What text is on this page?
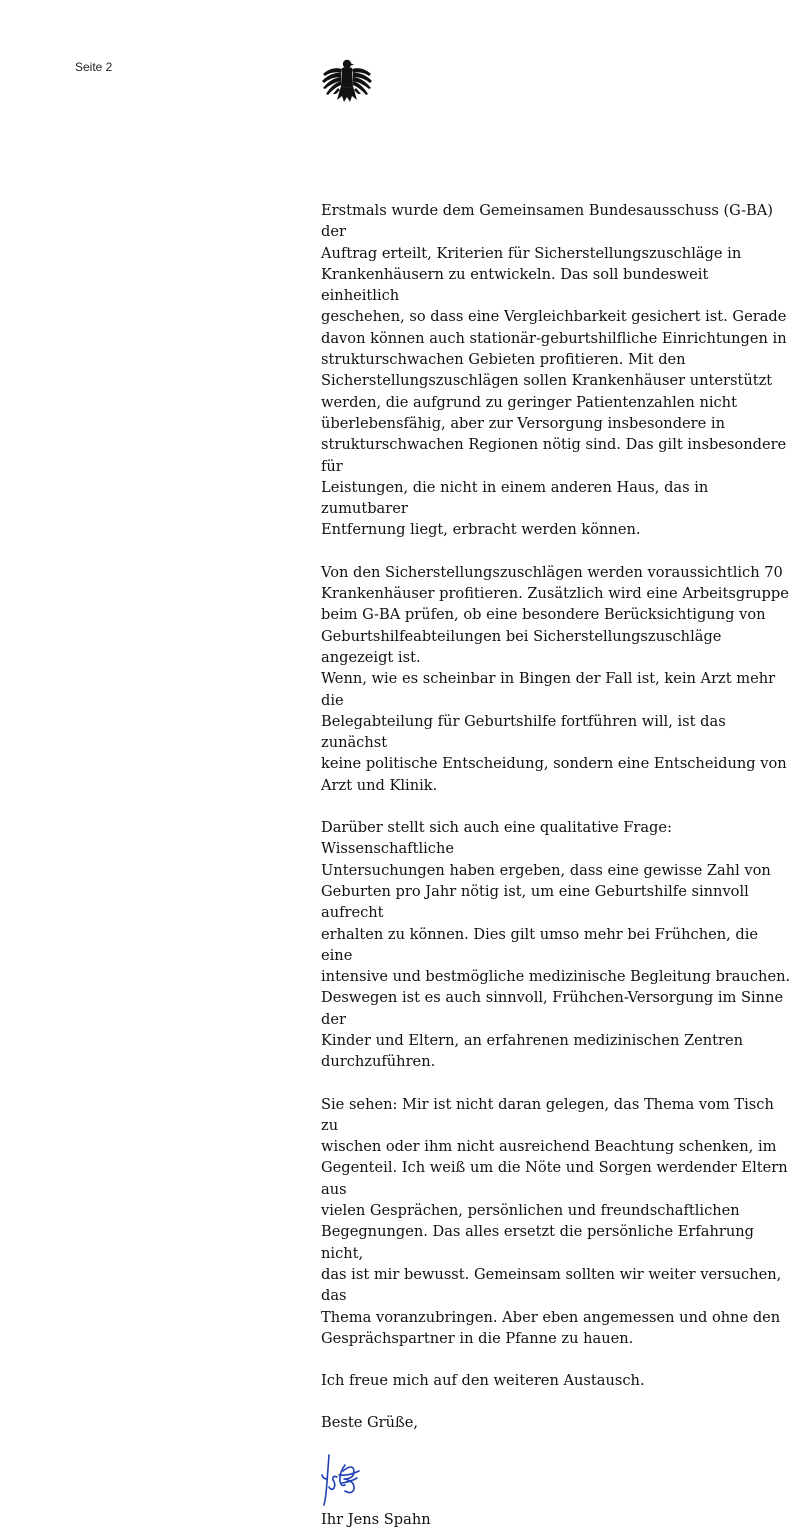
Seite 2

Erstmals wurde dem Gemeinsamen Bundesausschuss (G-BA) der
Auftrag erteilt, Kriterien für Sicherstellungszuschläge in
Krankenhäusern zu entwickeln. Das soll bundesweit einheitlich
geschehen, so dass eine Vergleichbarkeit gesichert ist. Gerade
davon können auch stationär-geburtshilfliche Einrichtungen in
strukturschwachen Gebieten profitieren. Mit den
Sicherstellungszuschlägen sollen Krankenhäuser unterstützt
werden, die aufgrund zu geringer Patientenzahlen nicht
überlebensfähig, aber zur Versorgung insbesondere in
strukturschwachen Regionen nötig sind. Das gilt insbesondere für
Leistungen, die nicht in einem anderen Haus, das in zumutbarer
Entfernung liegt, erbracht werden können.

Von den Sicherstellungszuschlägen werden voraussichtlich 70
Krankenhäuser profitieren. Zusätzlich wird eine Arbeitsgruppe
beim G-BA prüfen, ob eine besondere Berücksichtigung von
Geburtshilfeabteilungen bei Sicherstellungszuschläge angezeigt ist.
Wenn, wie es scheinbar in Bingen der Fall ist, kein Arzt mehr die
Belegabteilung für Geburtshilfe fortführen will, ist das zunächst
keine politische Entscheidung, sondern eine Entscheidung von
Arzt und Klinik.

Darüber stellt sich auch eine qualitative Frage: Wissenschaftliche
Untersuchungen haben ergeben, dass eine gewisse Zahl von
Geburten pro Jahr nötig ist, um eine Geburtshilfe sinnvoll aufrecht
erhalten zu können. Dies gilt umso mehr bei Frühchen, die eine
intensive und bestmögliche medizinische Begleitung brauchen.
Deswegen ist es auch sinnvoll, Frühchen-Versorgung im Sinne der
Kinder und Eltern, an erfahrenen medizinischen Zentren
durchzuführen.

Sie sehen: Mir ist nicht daran gelegen, das Thema vom Tisch zu
wischen oder ihm nicht ausreichend Beachtung schenken, im
Gegenteil. Ich weiß um die Nöte und Sorgen werdender Eltern aus
vielen Gesprächen, persönlichen und freundschaftlichen
Begegnungen. Das alles ersetzt die persönliche Erfahrung nicht,
das ist mir bewusst. Gemeinsam sollten wir weiter versuchen, das
Thema voranzubringen. Aber eben angemessen und ohne den
Gesprächspartner in die Pfanne zu hauen.

Ich freue mich auf den weiteren Austausch.

Beste Grüße,

Ihr Jens Spahn
